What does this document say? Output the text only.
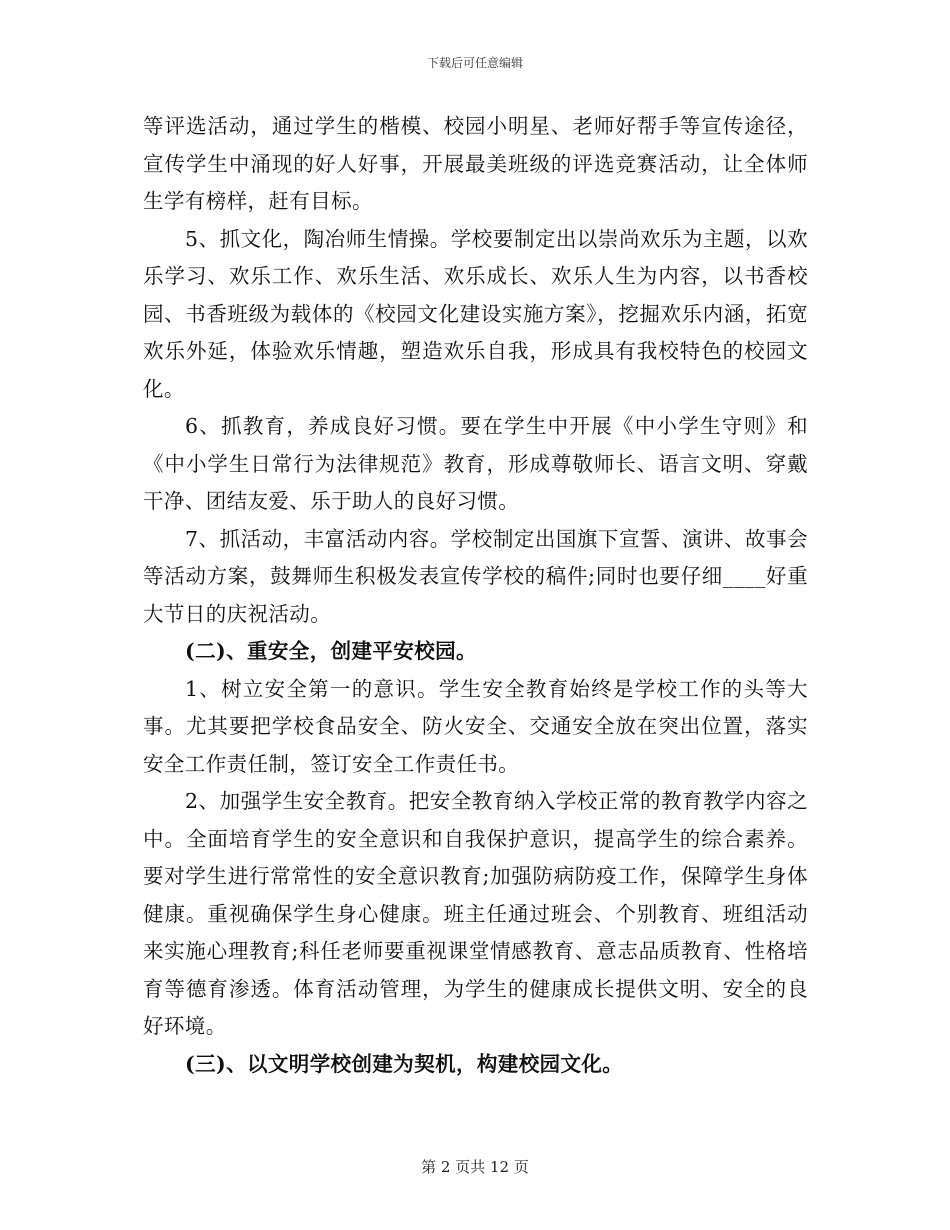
下载后可任意编辑

等评选活动，通过学生的楷模、校园小明星、老师好帮手等宣传途径，宣传学生中涌现的好人好事，开展最美班级的评选竞赛活动，让全体师生学有榜样，赶有目标。

5、抓文化，陶冶师生情操。学校要制定出以崇尚欢乐为主题，以欢乐学习、欢乐工作、欢乐生活、欢乐成长、欢乐人生为内容，以书香校园、书香班级为载体的《校园文化建设实施方案》，挖掘欢乐内涵，拓宽欢乐外延，体验欢乐情趣，塑造欢乐自我，形成具有我校特色的校园文化。

6、抓教育，养成良好习惯。要在学生中开展《中小学生守则》和《中小学生日常行为法律规范》教育，形成尊敬师长、语言文明、穿戴干净、团结友爱、乐于助人的良好习惯。

7、抓活动，丰富活动内容。学校制定出国旗下宣誓、演讲、故事会等活动方案，鼓舞师生积极发表宣传学校的稿件;同时也要仔细____好重大节日的庆祝活动。

(二)、重安全，创建平安校园。

1、树立安全第一的意识。学生安全教育始终是学校工作的头等大事。尤其要把学校食品安全、防火安全、交通安全放在突出位置，落实安全工作责任制，签订安全工作责任书。

2、加强学生安全教育。把安全教育纳入学校正常的教育教学内容之中。全面培育学生的安全意识和自我保护意识，提高学生的综合素养。要对学生进行常常性的安全意识教育;加强防病防疫工作，保障学生身体健康。重视确保学生身心健康。班主任通过班会、个别教育、班组活动来实施心理教育;科任老师要重视课堂情感教育、意志品质教育、性格培育等德育渗透。体育活动管理，为学生的健康成长提供文明、安全的良好环境。

(三)、以文明学校创建为契机，构建校园文化。

第 2 页共 12 页
